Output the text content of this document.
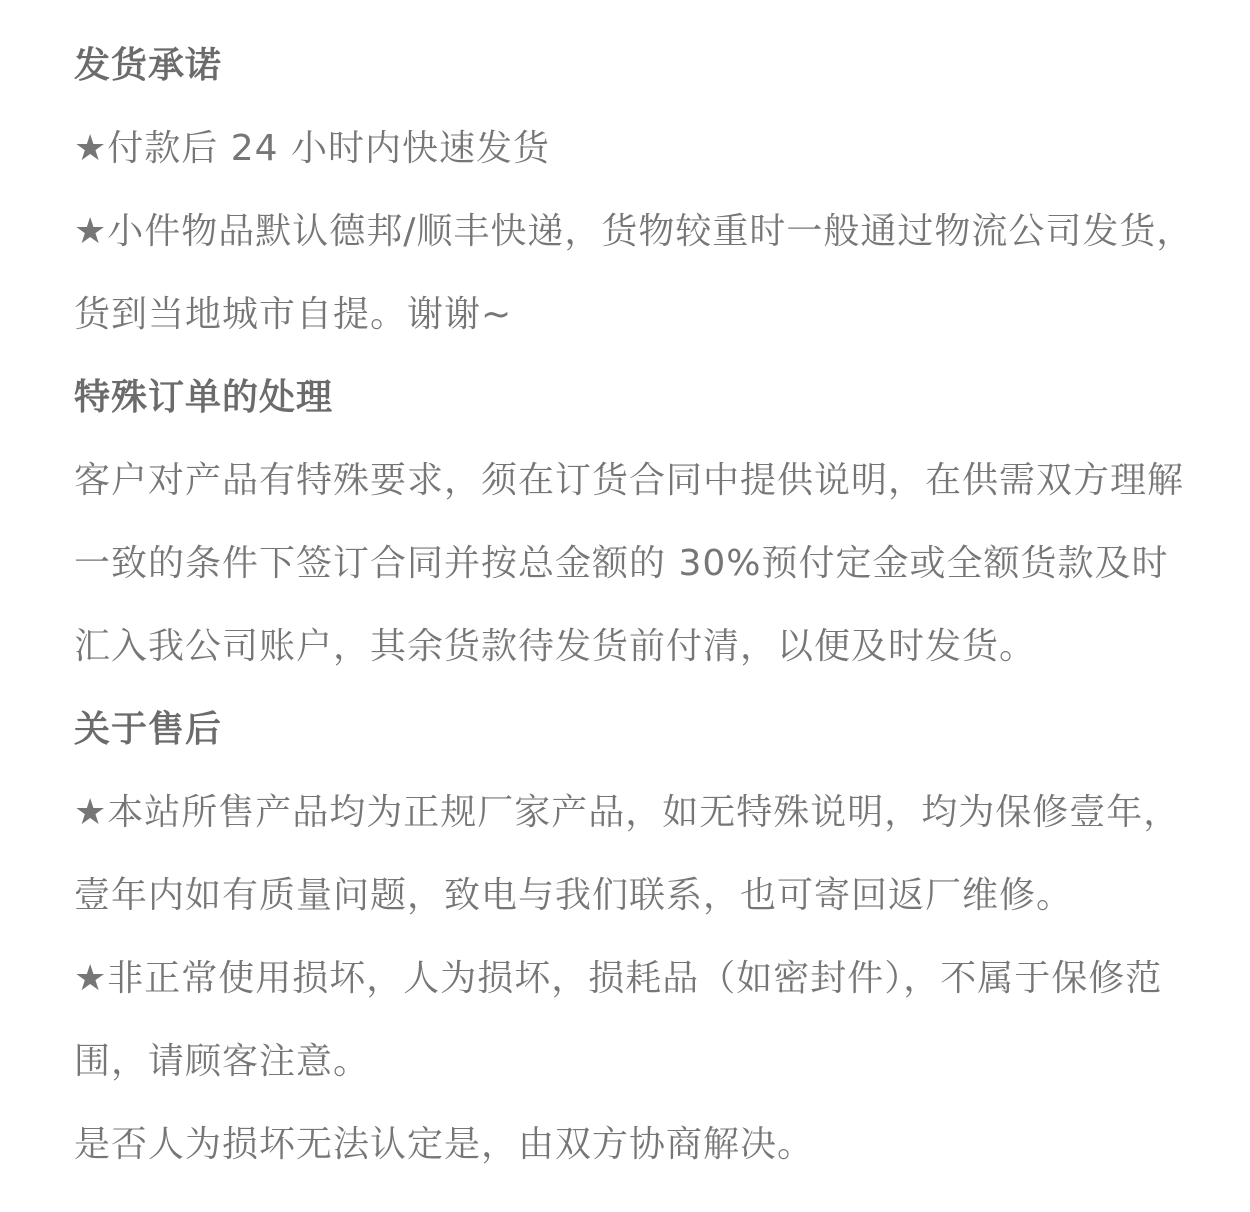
发货承诺
★付款后 24 小时内快速发货
★小件物品默认德邦/顺丰快递，货物较重时一般通过物流公司发货，
货到当地城市自提。谢谢~
特殊订单的处理
客户对产品有特殊要求，须在订货合同中提供说明，在供需双方理解
一致的条件下签订合同并按总金额的 30%预付定金或全额货款及时
汇入我公司账户，其余货款待发货前付清，以便及时发货。
关于售后
★本站所售产品均为正规厂家产品，如无特殊说明，均为保修壹年，
壹年内如有质量问题，致电与我们联系，也可寄回返厂维修。
★非正常使用损坏，人为损坏，损耗品（如密封件），不属于保修范
围，请顾客注意。
是否人为损坏无法认定是，由双方协商解决。
